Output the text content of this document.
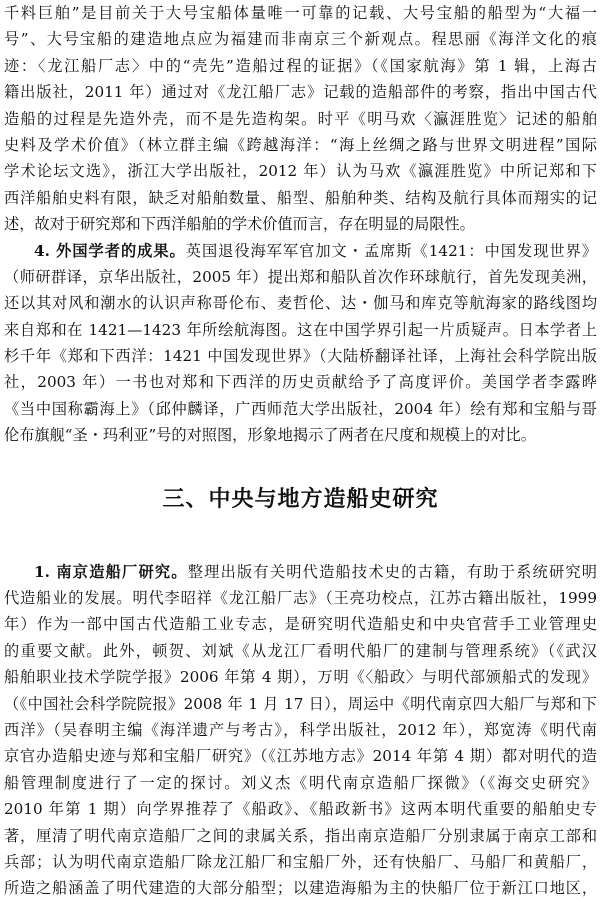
千料巨舶”是目前关于大号宝船体量唯一可靠的记载、大号宝船的船型为“大福一
号”、大号宝船的建造地点应为福建而非南京三个新观点。程思丽《海洋文化的痕
迹：〈龙江船厂志〉中的“壳先”造船过程的证据》（《国家航海》第 1 辑，上海古
籍出版社，2011 年）通过对《龙江船厂志》记载的造船部件的考察，指出中国古代
造船的过程是先造外壳，而不是先造构架。时平《明马欢〈瀛涯胜览〉记述的船舶
史料及学术价值》（林立群主编《跨越海洋：“海上丝绸之路与世界文明进程”国际
学术论坛文选》，浙江大学出版社，2012 年）认为马欢《瀛涯胜览》中所记郑和下
西洋船舶史料有限，缺乏对船舶数量、船型、船舶种类、结构及航行具体而翔实的记
述，故对于研究郑和下西洋船舶的学术价值而言，存在明显的局限性。
4. 外国学者的成果。英国退役海军军官加文・孟席斯《1421：中国发现世界》
（师研群译，京华出版社，2005 年）提出郑和船队首次作环球航行，首先发现美洲，
还以其对风和潮水的认识声称哥伦布、麦哲伦、达・伽马和库克等航海家的路线图均
来自郑和在 1421—1423 年所绘航海图。这在中国学界引起一片质疑声。日本学者上
杉千年《郑和下西洋：1421 中国发现世界》（大陆桥翻译社译，上海社会科学院出版
社，2003 年）一书也对郑和下西洋的历史贡献给予了高度评价。美国学者李露晔
《当中国称霸海上》（邱仲麟译，广西师范大学出版社，2004 年）绘有郑和宝船与哥
伦布旗舰“圣・玛利亚”号的对照图，形象地揭示了两者在尺度和规模上的对比。
三、中央与地方造船史研究
1. 南京造船厂研究。整理出版有关明代造船技术史的古籍，有助于系统研究明
代造船业的发展。明代李昭祥《龙江船厂志》（王亮功校点，江苏古籍出版社，1999
年）作为一部中国古代造船工业专志，是研究明代造船史和中央官营手工业管理史
的重要文献。此外，顿贺、刘斌《从龙江厂看明代船厂的建制与管理系统》（《武汉
船舶职业技术学院学报》2006 年第 4 期），万明《〈船政〉与明代部颁船式的发现》
（《中国社会科学院院报》2008 年 1 月 17 日），周运中《明代南京四大船厂与郑和下
西洋》（吴春明主编《海洋遗产与考古》，科学出版社，2012 年），郑宽涛《明代南
京官办造船史迹与郑和宝船厂研究》（《江苏地方志》2014 年第 4 期）都对明代的造
船管理制度进行了一定的探讨。刘义杰《明代南京造船厂探微》（《海交史研究》
2010 年第 1 期）向学界推荐了《船政》、《船政新书》这两本明代重要的船舶史专
著，厘清了明代南京造船厂之间的隶属关系，指出南京造船厂分别隶属于南京工部和
兵部；认为明代南京造船厂除龙江船厂和宝船厂外，还有快船厂、马船厂和黄船厂，
所造之船涵盖了明代建造的大部分船型；以建造海船为主的快船厂位于新江口地区，
